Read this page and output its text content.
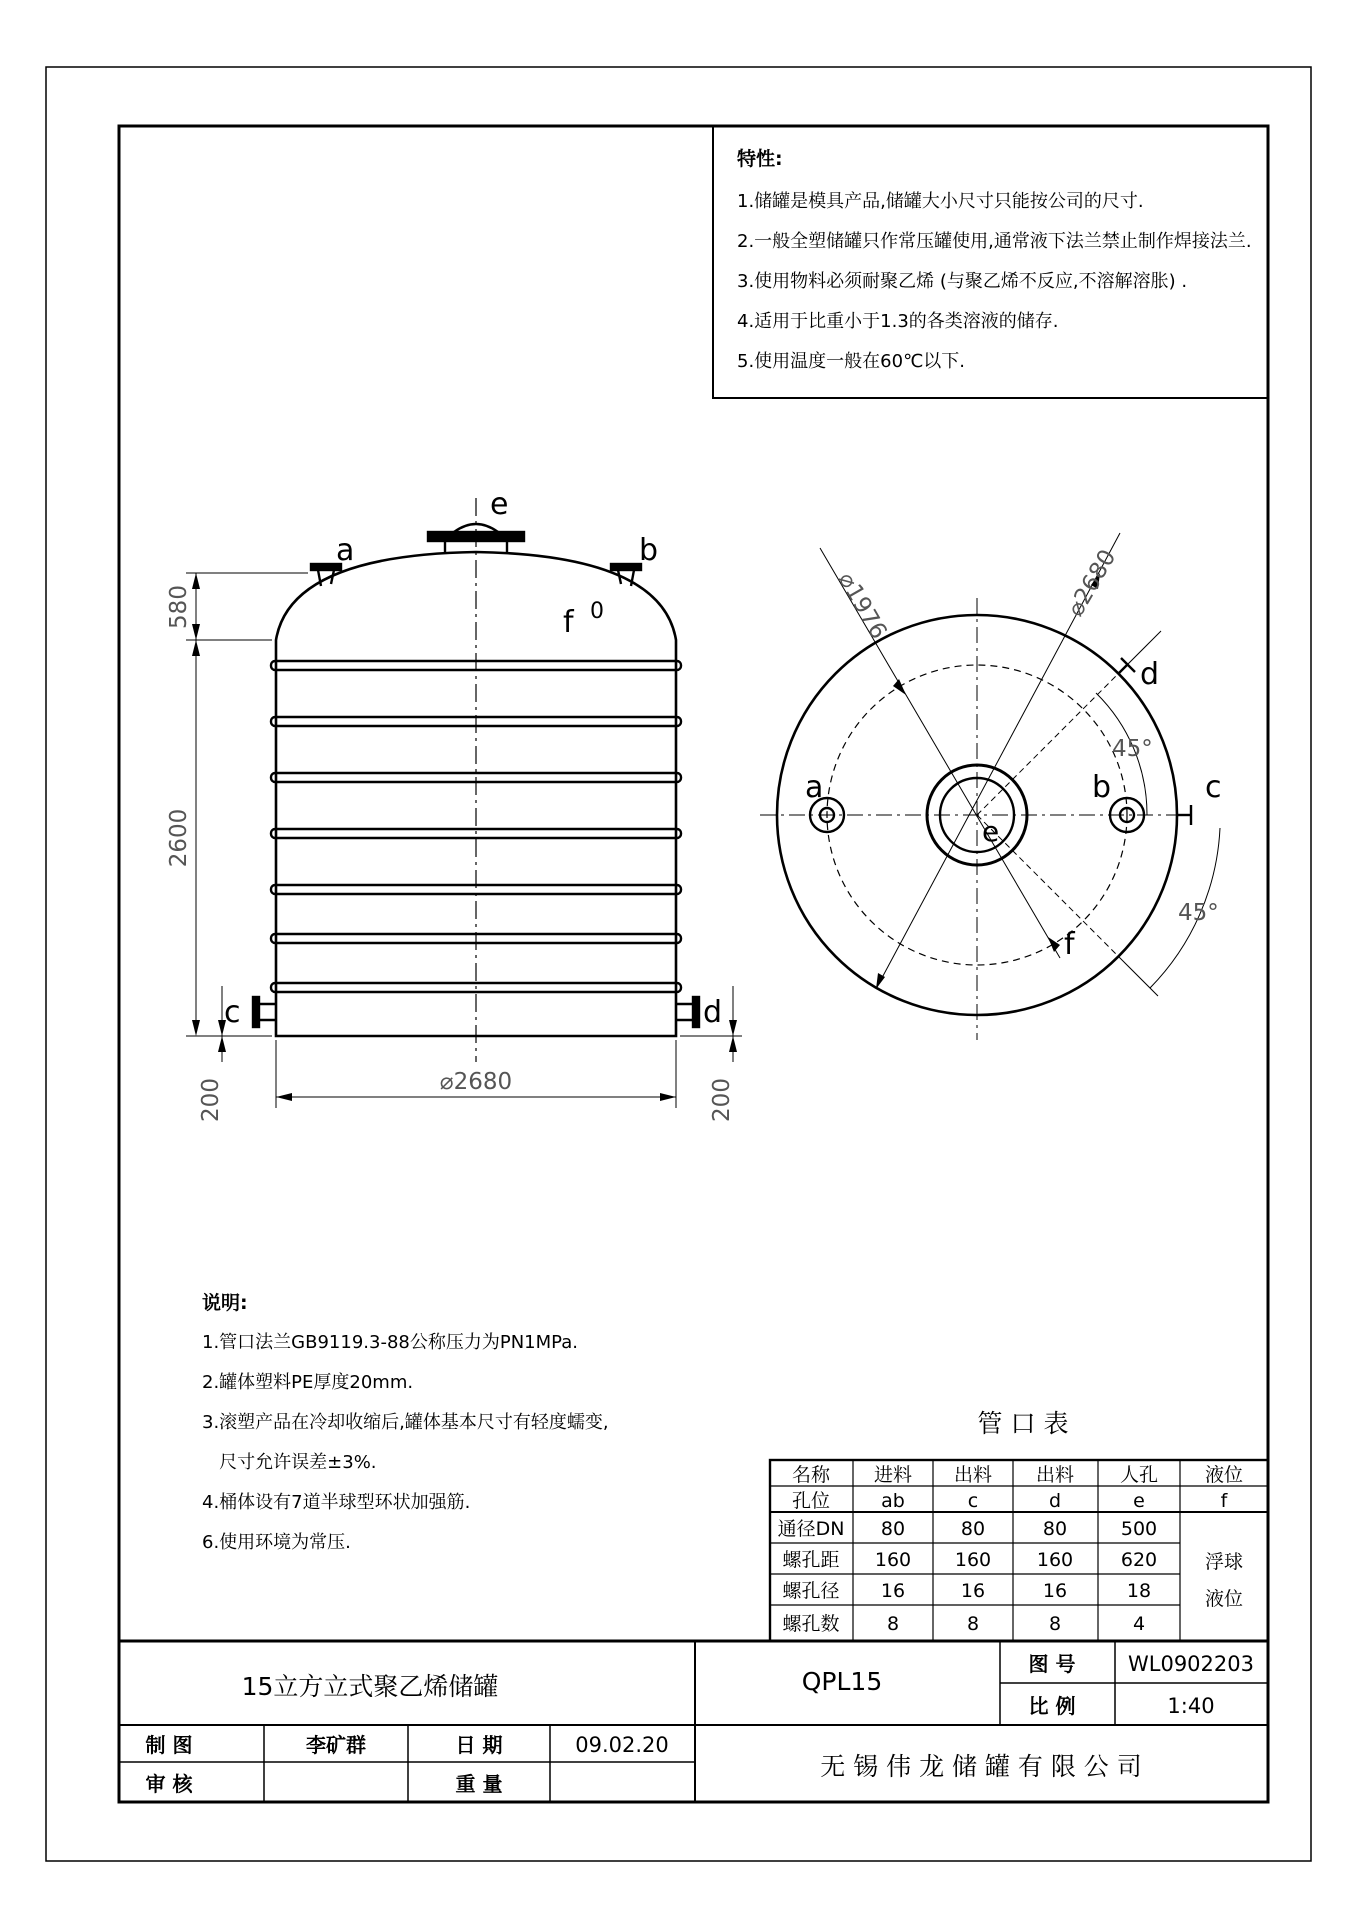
特性:
1.储罐是模具产品,储罐大小尺寸只能按公司的尺寸.
2.一般全塑储罐只作常压罐使用,通常液下法兰禁止制作焊接法兰.
3.使用物料必须耐聚乙烯 (与聚乙烯不反应,不溶解溶胀) .
4.适用于比重小于1.3的各类溶液的储存.
5.使用温度一般在60℃以下.
e
a	b
f 0
c	d
580
2600
200	200
⌀2680
a	b	c
d
e
f
⌀1976	⌀2680
45°
45°
管 口 表
名称 进料 出料 出料 人孔 液位
孔位	ab	c	d	e	f
通径DN 80	80	80	500
螺孔距 160 160 160	620
螺孔径 16	16	16	18
螺孔数 8	8	8	4
浮球
液位
15立方立式聚乙烯储罐	QPL15
图 号	WL0902203
比 例	1:40
制 图	李矿群	日 期	09.02.20
审 核	重 量
无 锡 伟 龙 储 罐 有 限 公 司
说明:
1.管口法兰GB9119.3-88公称压力为PN1MPa.
2.罐体塑料PE厚度20mm.
3.滚塑产品在冷却收缩后,罐体基本尺寸有轻度蠕变,
尺寸允许误差±3%.
4.桶体设有7道半球型环状加强筋.
6.使用环境为常压.
